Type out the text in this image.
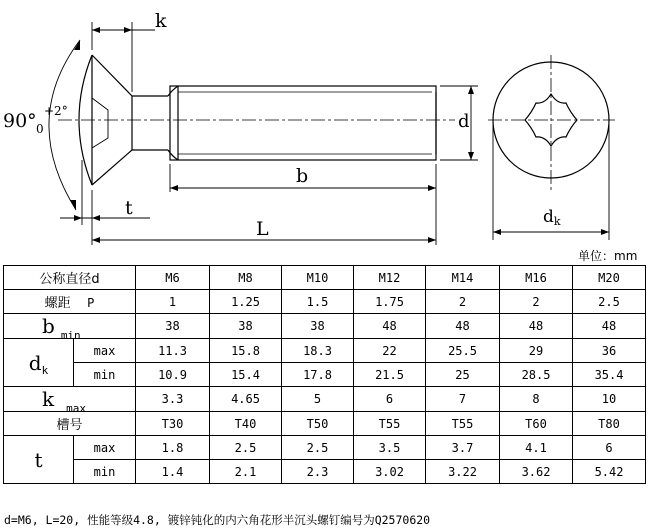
k
d
b
t
L
90° +2°
0
dk
单位：mm
公称直径d		M6	M8	M10	M12	M14	M16	M20
螺距 P		1	1.25	1.5	1.75	2	2	2.5
b min		38	38	38	48	48	48	48
dk	max	11.3	15.8	18.3	22	25.5	29	36
	min	10.9	15.4	17.8	21.5	25	28.5	35.4
k max		3.3	4.65	5	6	7	8	10
槽号		T30	T40	T50	T55	T55	T60	T80
t	max	1.8	2.5	2.5	3.5	3.7	4.1	6
	min	1.4	2.1	2.3	3.02	3.22	3.62	5.42
d=M6, L=20, 性能等级4.8, 镀锌钝化的内六角花形半沉头螺钉编号为Q2570620
